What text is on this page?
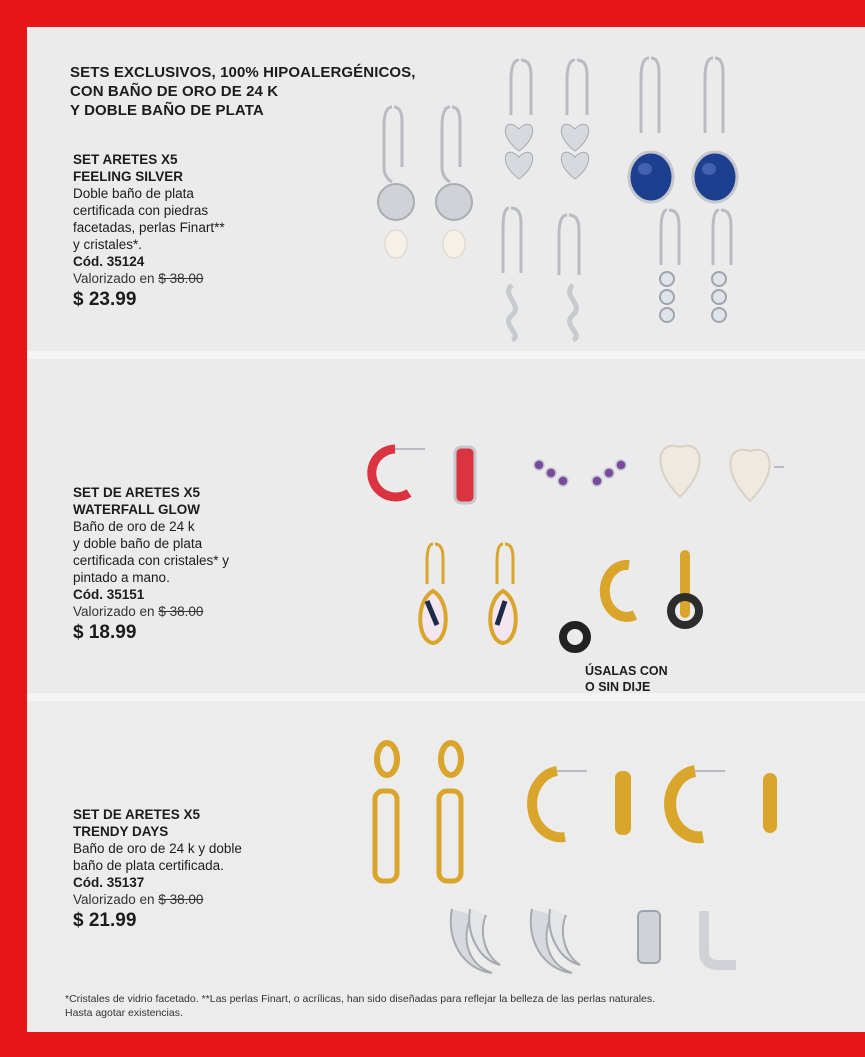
SETS EXCLUSIVOS, 100% HIPOALERGÉNICOS,
CON BAÑO DE ORO DE 24 K
Y DOBLE BAÑO DE PLATA
SET ARETES X5
FEELING SILVER
Doble baño de plata
certificada con piedras
facetadas, perlas Finart**
y cristales*.
Cód. 35124
Valorizado en $ 38.00
$ 23.99
SET DE ARETES X5
WATERFALL GLOW
Baño de oro de 24 k
y doble baño de plata
certificada con cristales* y
pintado a mano.
Cód. 35151
Valorizado en $ 38.00
$ 18.99
ÚSALAS CON
O SIN DIJE
SET DE ARETES X5
TRENDY DAYS
Baño de oro de 24 k y doble
baño de plata certificada.
Cód. 35137
Valorizado en $ 38.00
$ 21.99
*Cristales de vidrio facetado. **Las perlas Finart, o acrílicas, han sido diseñadas para reflejar la belleza de las perlas naturales.
Hasta agotar existencias.
